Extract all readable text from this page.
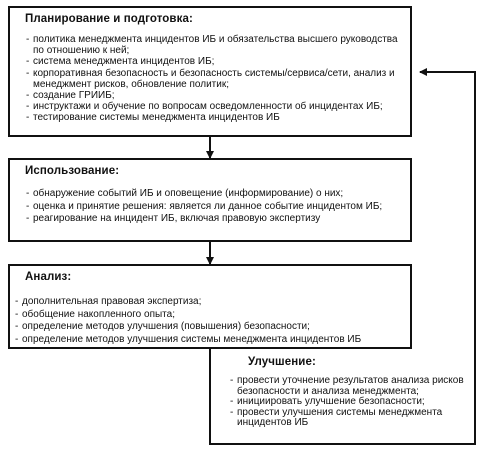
Планирование и подготовка:
- политика менеджмента инцидентов ИБ и обязательства высшего руководства по отношению к ней;
- система менеджмента инцидентов ИБ;
- корпоративная безопасность и безопасность системы/сервиса/сети, анализ и менеджмент рисков, обновление политик;
- создание ГРИИБ;
- инструктажи и обучение по вопросам осведомленности об инцидентах ИБ;
- тестирование системы менеджмента инцидентов ИБ
Использование:
- обнаружение событий ИБ и оповещение (информирование) о них;
- оценка и принятие решения: является ли данное событие инцидентом ИБ;
- реагирование на инцидент ИБ, включая правовую экспертизу
Анализ:
- дополнительная правовая экспертиза;
- обобщение накопленного опыта;
- определение методов улучшения (повышения) безопасности;
- определение методов улучшения системы менеджмента инцидентов ИБ
Улучшение:
- провести уточнение результатов анализа рисков безопасности и анализа менеджмента;
- инициировать улучшение безопасности;
- провести улучшения системы менеджмента инцидентов ИБ
